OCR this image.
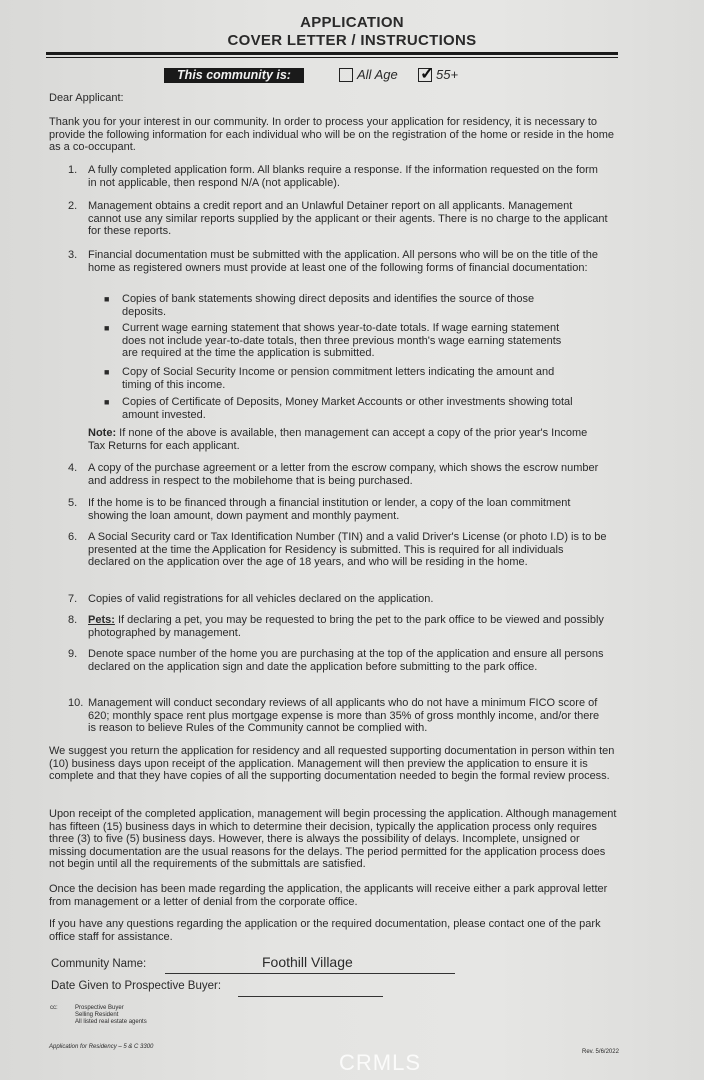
APPLICATION
COVER LETTER / INSTRUCTIONS
This community is:	All Age ✓ 55+
Dear Applicant:
Thank you for your interest in our community. In order to process your application for residency, it is necessary to provide the following information for each individual who will be on the registration of the home or reside in the home as a co-occupant.
1. A fully completed application form. All blanks require a response. If the information requested on the form in not applicable, then respond N/A (not applicable).
2. Management obtains a credit report and an Unlawful Detainer report on all applicants. Management cannot use any similar reports supplied by the applicant or their agents. There is no charge to the applicant for these reports.
3. Financial documentation must be submitted with the application. All persons who will be on the title of the home as registered owners must provide at least one of the following forms of financial documentation:
■	Copies of bank statements showing direct deposits and identifies the source of those deposits.
■	Current wage earning statement that shows year-to-date totals. If wage earning statement does not include year-to-date totals, then three previous month's wage earning statements are required at the time the application is submitted.
■	Copy of Social Security Income or pension commitment letters indicating the amount and timing of this income.
■	Copies of Certificate of Deposits, Money Market Accounts or other investments showing total amount invested.
Note: If none of the above is available, then management can accept a copy of the prior year's Income Tax Returns for each applicant.
4. A copy of the purchase agreement or a letter from the escrow company, which shows the escrow number and address in respect to the mobilehome that is being purchased.
5. If the home is to be financed through a financial institution or lender, a copy of the loan commitment showing the loan amount, down payment and monthly payment.
6. A Social Security card or Tax Identification Number (TIN) and a valid Driver's License (or photo I.D) is to be presented at the time the Application for Residency is submitted. This is required for all individuals declared on the application over the age of 18 years, and who will be residing in the home.
7. Copies of valid registrations for all vehicles declared on the application.
8. Pets: If declaring a pet, you may be requested to bring the pet to the park office to be viewed and possibly photographed by management.
9. Denote space number of the home you are purchasing at the top of the application and ensure all persons declared on the application sign and date the application before submitting to the park office.
10. Management will conduct secondary reviews of all applicants who do not have a minimum FICO score of 620; monthly space rent plus mortgage expense is more than 35% of gross monthly income, and/or there is reason to believe Rules of the Community cannot be complied with.
We suggest you return the application for residency and all requested supporting documentation in person within ten (10) business days upon receipt of the application. Management will then preview the application to ensure it is complete and that they have copies of all the supporting documentation needed to begin the formal review process.
Upon receipt of the completed application, management will begin processing the application. Although management has fifteen (15) business days in which to determine their decision, typically the application process only requires three (3) to five (5) business days. However, there is always the possibility of delays. Incomplete, unsigned or missing documentation are the usual reasons for the delays. The period permitted for the application process does not begin until all the requirements of the submittals are satisfied.
Once the decision has been made regarding the application, the applicants will receive either a park approval letter from management or a letter of denial from the corporate office.
If you have any questions regarding the application or the required documentation, please contact one of the park office staff for assistance.
Community Name:	Foothill Village
Date Given to Prospective Buyer:
cc:	Prospective Buyer
Selling Resident
All listed real estate agents
Application for Residency – 5 & C 3300
Rev. 5/6/2022
CRMLS
